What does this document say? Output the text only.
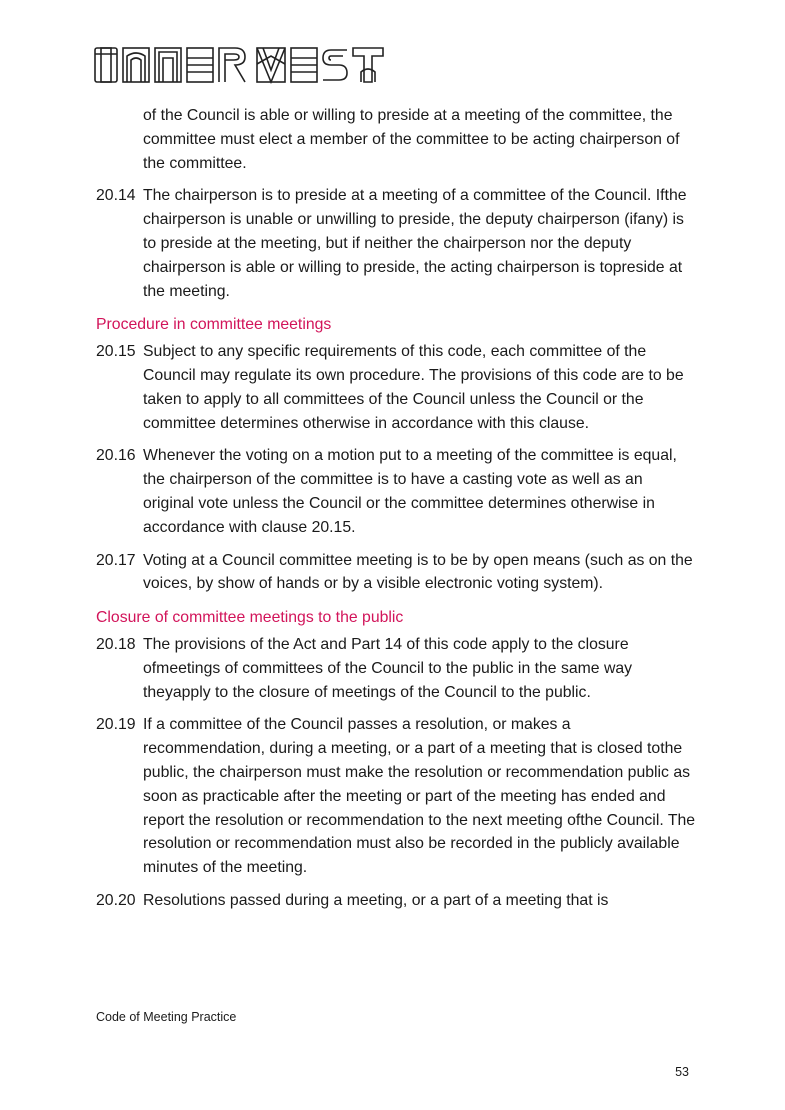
of the Council is able or willing to preside at a meeting of the committee, the committee must elect a member of the committee to be acting chairperson of the committee.

20.14 The chairperson is to preside at a meeting of a committee of the Council. Ifthe chairperson is unable or unwilling to preside, the deputy chairperson (ifany) is to preside at the meeting, but if neither the chairperson nor the deputy chairperson is able or willing to preside, the acting chairperson is topreside at the meeting.

Procedure in committee meetings

20.15 Subject to any specific requirements of this code, each committee of the Council may regulate its own procedure. The provisions of this code are to be taken to apply to all committees of the Council unless the Council or the committee determines otherwise in accordance with this clause.

20.16 Whenever the voting on a motion put to a meeting of the committee is equal, the chairperson of the committee is to have a casting vote as well as an original vote unless the Council or the committee determines otherwise in accordance with clause 20.15.

20.17 Voting at a Council committee meeting is to be by open means (such as on the voices, by show of hands or by a visible electronic voting system).

Closure of committee meetings to the public

20.18 The provisions of the Act and Part 14 of this code apply to the closure ofmeetings of committees of the Council to the public in the same way theyapply to the closure of meetings of the Council to the public.

20.19 If a committee of the Council passes a resolution, or makes a recommendation, during a meeting, or a part of a meeting that is closed tothe public, the chairperson must make the resolution or recommendation public as soon as practicable after the meeting or part of the meeting has ended and report the resolution or recommendation to the next meeting ofthe Council. The resolution or recommendation must also be recorded in the publicly available minutes of the meeting.

20.20 Resolutions passed during a meeting, or a part of a meeting that is

Code of Meeting Practice
53
